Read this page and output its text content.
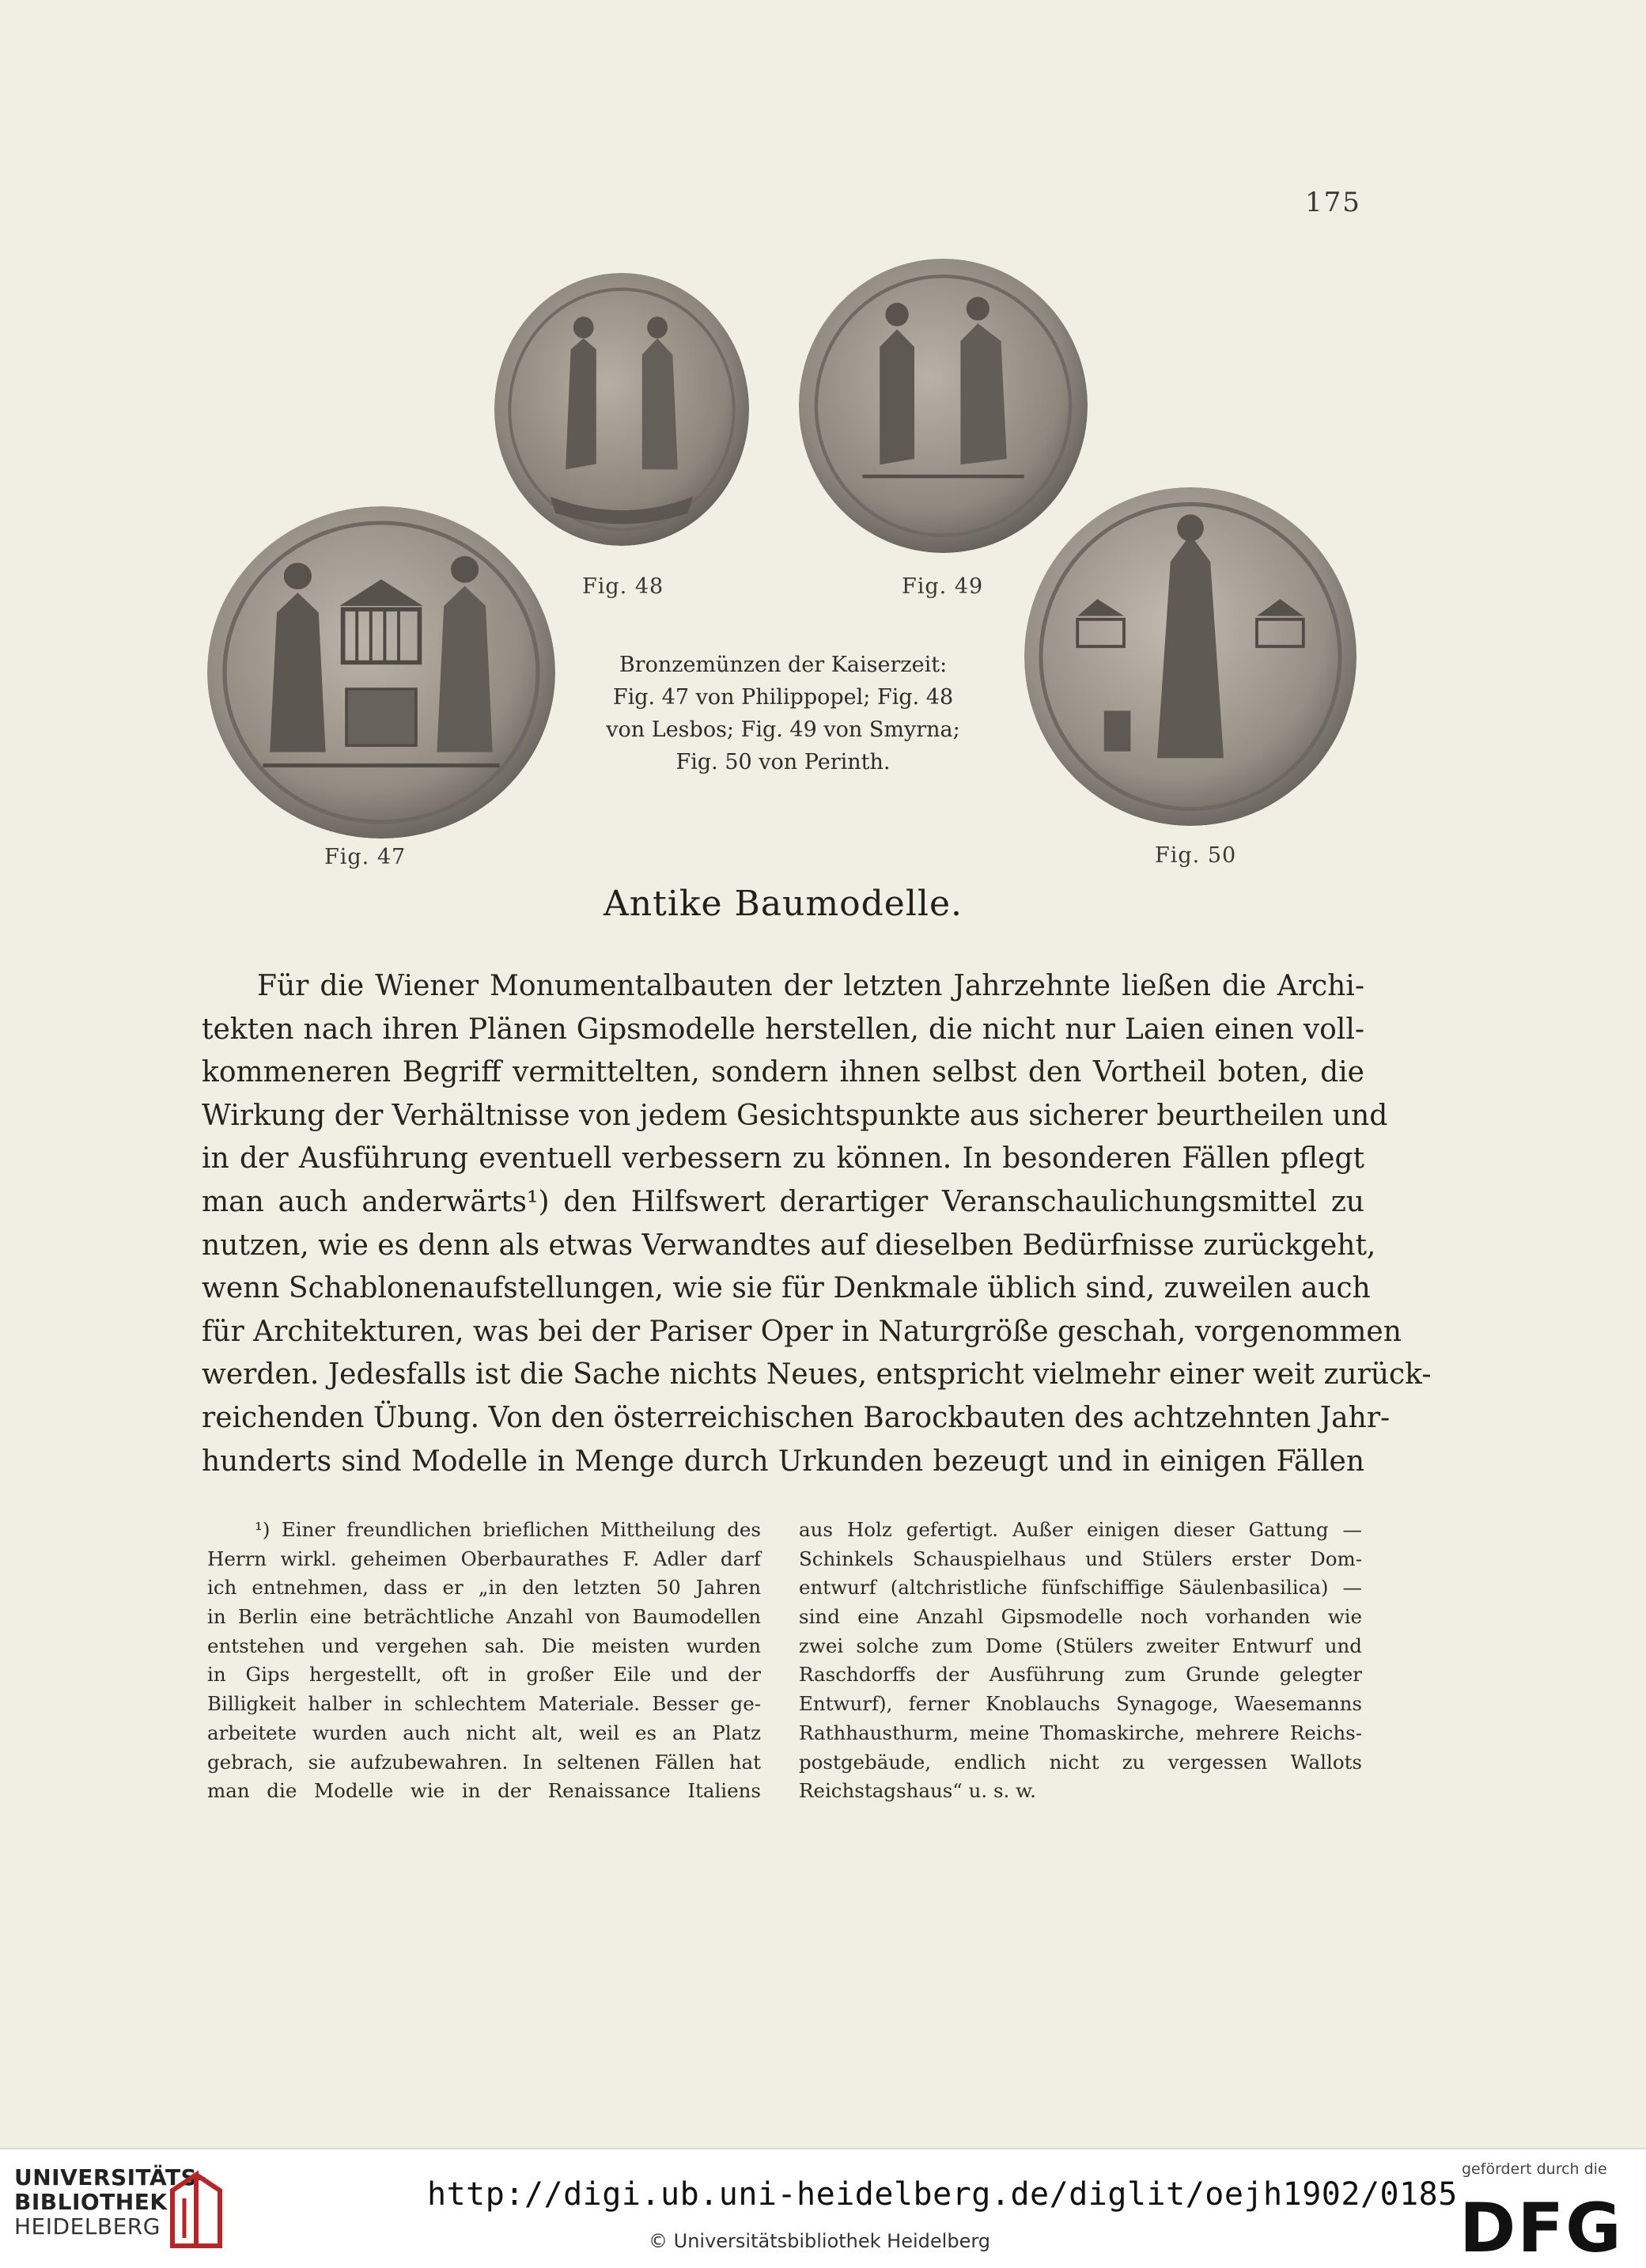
175
Fig. 48	Fig. 49
Fig. 47	Fig. 50
Bronzemünzen der Kaiserzeit:
Fig. 47 von Philippopel; Fig. 48
von Lesbos; Fig. 49 von Smyrna;
Fig. 50 von Perinth.
Antike Baumodelle.
Für die Wiener Monumentalbauten der letzten Jahrzehnte ließen die Archi-
tekten nach ihren Plänen Gipsmodelle herstellen, die nicht nur Laien einen voll-
kommeneren Begriff vermittelten, sondern ihnen selbst den Vortheil boten, die
Wirkung der Verhältnisse von jedem Gesichtspunkte aus sicherer beurtheilen und
in der Ausführung eventuell verbessern zu können. In besonderen Fällen pflegt
man auch anderwärts¹) den Hilfswert derartiger Veranschaulichungsmittel zu
nutzen, wie es denn als etwas Verwandtes auf dieselben Bedürfnisse zurückgeht,
wenn Schablonenaufstellungen, wie sie für Denkmale üblich sind, zuweilen auch
für Architekturen, was bei der Pariser Oper in Naturgröße geschah, vorgenommen
werden. Jedesfalls ist die Sache nichts Neues, entspricht vielmehr einer weit zurück-
reichenden Übung. Von den österreichischen Barockbauten des achtzehnten Jahr-
hunderts sind Modelle in Menge durch Urkunden bezeugt und in einigen Fällen
¹) Einer freundlichen brieflichen Mittheilung des
Herrn wirkl. geheimen Oberbaurathes F. Adler darf
ich entnehmen, dass er „in den letzten 50 Jahren
in Berlin eine beträchtliche Anzahl von Baumodellen
entstehen und vergehen sah. Die meisten wurden
in Gips hergestellt, oft in großer Eile und der
Billigkeit halber in schlechtem Materiale. Besser ge-
arbeitete wurden auch nicht alt, weil es an Platz
gebrach, sie aufzubewahren. In seltenen Fällen hat
man die Modelle wie in der Renaissance Italiens
aus Holz gefertigt. Außer einigen dieser Gattung —
Schinkels Schauspielhaus und Stülers erster Dom-
entwurf (altchristliche fünfschiffige Säulenbasilica) —
sind eine Anzahl Gipsmodelle noch vorhanden wie
zwei solche zum Dome (Stülers zweiter Entwurf und
Raschdorffs der Ausführung zum Grunde gelegter
Entwurf), ferner Knoblauchs Synagoge, Waesemanns
Rathhausthurm, meine Thomaskirche, mehrere Reichs-
postgebäude, endlich nicht zu vergessen Wallots
Reichstagshaus“ u. s. w.
UNIVERSITÄTS-
BIBLIOTHEK
HEIDELBERG
http://digi.ub.uni-heidelberg.de/diglit/oejh1902/0185
© Universitätsbibliothek Heidelberg
gefördert durch die
DFG
